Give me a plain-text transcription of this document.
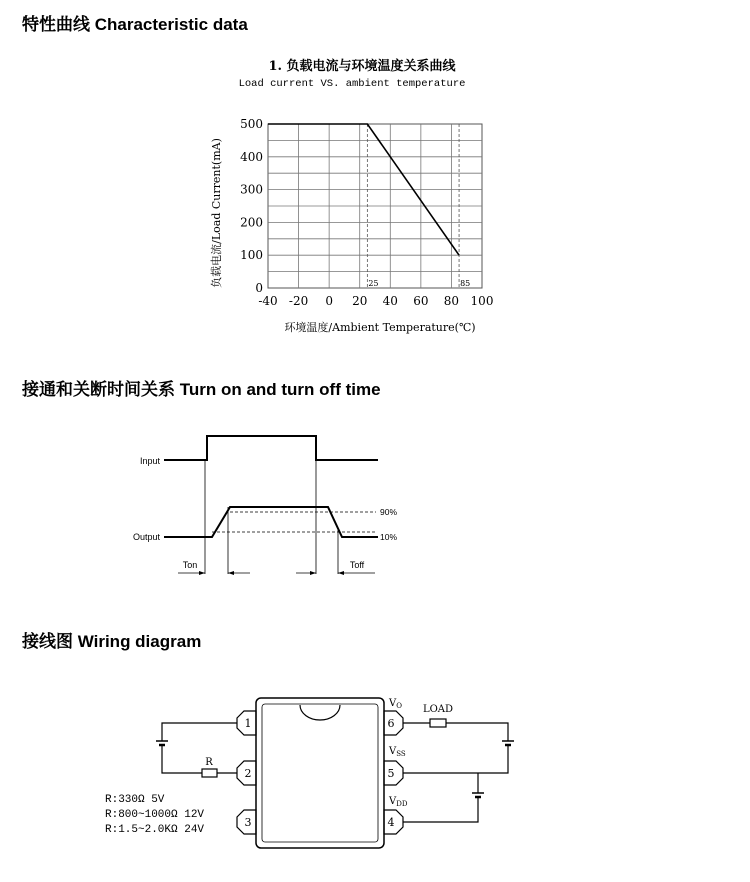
特性曲线 Characteristic data
接通和关断时间关系 Turn on and turn off time
接线图 Wiring diagram
1. 负载电流与环境温度关系曲线
Load current VS. ambient temperature
负载电流/Load Current(mA)
环境温度/Ambient Temperature(℃)
25	85
0
100
200
300
400
500
-40 -20 0 20 40 60 80 100
Input
Output
90%
10%
Ton	Toff
1
2
3	4
5
6
$V_O$
$V_{SS}$
$V_{DD}$
R
LOAD
R:330Ω 5V
R:800~1000Ω 12V
R:1.5~2.0KΩ 24V
